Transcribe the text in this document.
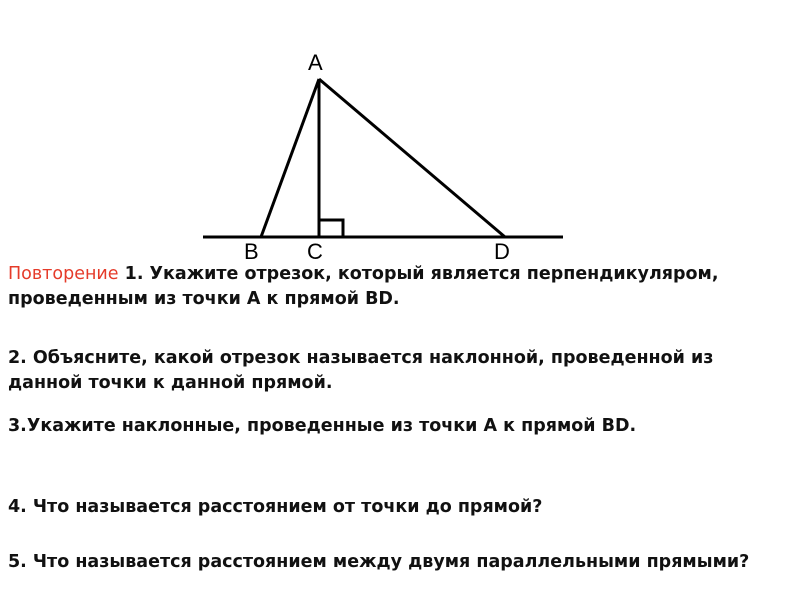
A
B C	D

Повторение 1. Укажите отрезок, который является перпендикуляром, проведенным из точки А к прямой BD.

2. Объясните, какой отрезок называется наклонной, проведенной из данной точки к данной прямой.

3.Укажите наклонные, проведенные из точки А к прямой BD.

4. Что называется расстоянием от точки до прямой?

5. Что называется расстоянием между двумя параллельными прямыми?
